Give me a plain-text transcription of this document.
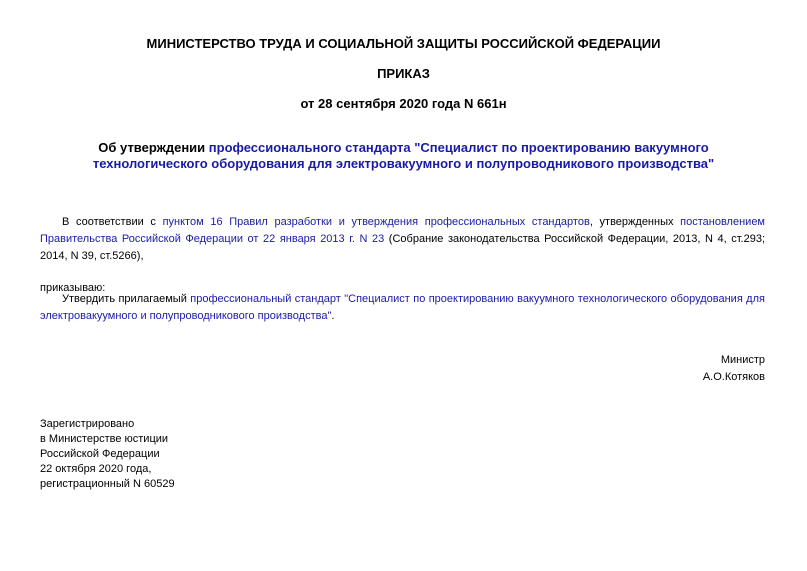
МИНИСТЕРСТВО ТРУДА И СОЦИАЛЬНОЙ ЗАЩИТЫ РОССИЙСКОЙ ФЕДЕРАЦИИ
ПРИКАЗ
от 28 сентября 2020 года N 661н
Об утверждении профессионального стандарта "Специалист по проектированию вакуумного технологического оборудования для электровакуумного и полупроводникового производства"
В соответствии с пунктом 16 Правил разработки и утверждения профессиональных стандартов, утвержденных постановлением Правительства Российской Федерации от 22 января 2013 г. N 23 (Собрание законодательства Российской Федерации, 2013, N 4, ст.293; 2014, N 39, ст.5266),
приказываю:
Утвердить прилагаемый профессиональный стандарт "Специалист по проектированию вакуумного технологического оборудования для электровакуумного и полупроводникового производства".
Министр
А.О.Котяков
Зарегистрировано
в Министерстве юстиции
Российской Федерации
22 октября 2020 года,
регистрационный N 60529
